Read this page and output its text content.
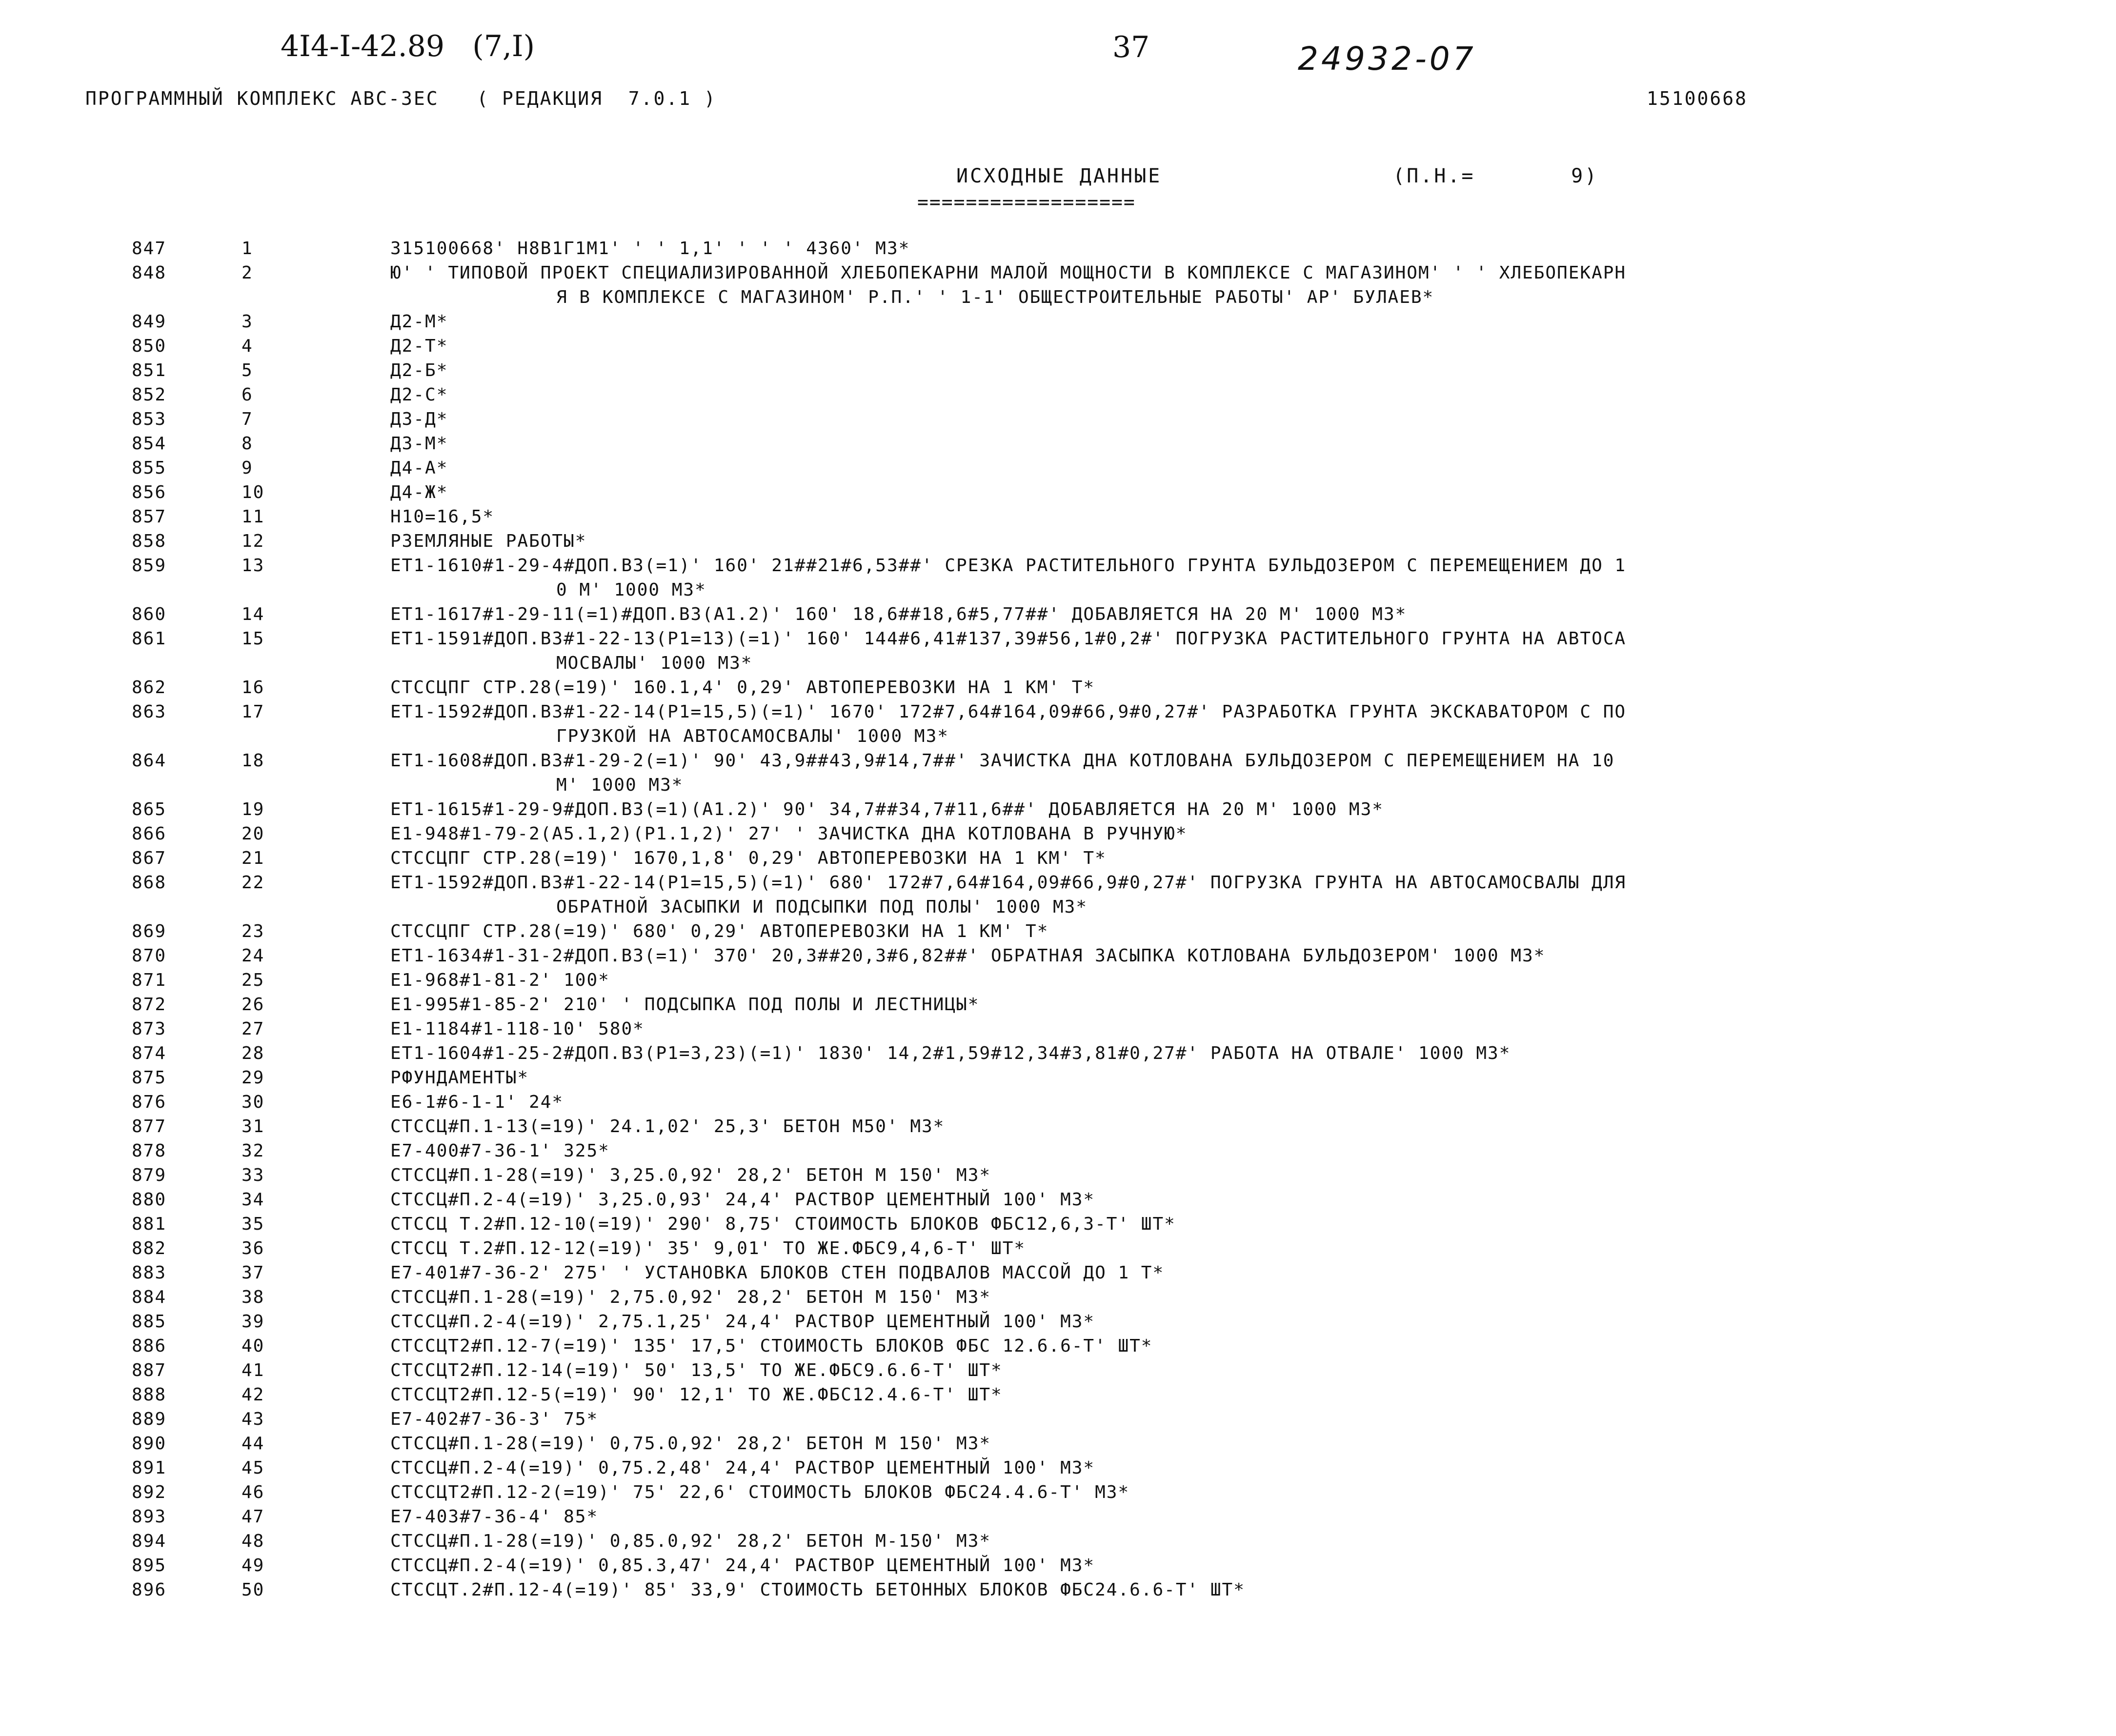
4I4-I-42.89   (7,I)	37	24932-07
ПРОГРАММНЫЙ КОМПЛЕКС АВС-3ЕС   ( РЕДАКЦИЯ  7.0.1 )	15100668
ИСХОДНЫЕ ДАННЫЕ
==================
(П.Н.=       9)
847	1	315100668' Н8В1Г1М1' ' ' 1,1' ' ' ' 4360' М3*
848	2	Ю' ' ТИПОВОЙ ПРОЕКТ СПЕЦИАЛИЗИРОВАННОЙ ХЛЕБОПЕКАРНИ МАЛОЙ МОЩНОСТИ В КОМПЛЕКСЕ С МАГАЗИНОМ' ' ' ХЛЕБОПЕКАРН
Я В КОМПЛЕКСЕ С МАГАЗИНОМ' Р.П.' ' 1-1' ОБЩЕСТРОИТЕЛЬНЫЕ РАБОТЫ' АР' БУЛАЕВ*
849	3	Д2-М*
850	4	Д2-Т*
851	5	Д2-Б*
852	6	Д2-С*
853	7	Д3-Д*
854	8	Д3-М*
855	9	Д4-А*
856	10	Д4-Ж*
857	11	Н10=16,5*
858	12	РЗЕМЛЯНЫЕ РАБОТЫ*
859	13	ЕТ1-1610#1-29-4#ДОП.В3(=1)' 160' 21##21#6,53##' СРЕЗКА РАСТИТЕЛЬНОГО ГРУНТА БУЛЬДОЗЕРОМ С ПЕРЕМЕЩЕНИЕМ ДО 1
0 М' 1000 М3*
860	14	ЕТ1-1617#1-29-11(=1)#ДОП.В3(А1.2)' 160' 18,6##18,6#5,77##' ДОБАВЛЯЕТСЯ НА 20 М' 1000 М3*
861	15	ЕТ1-1591#ДОП.В3#1-22-13(Р1=13)(=1)' 160' 144#6,41#137,39#56,1#0,2#' ПОГРУЗКА РАСТИТЕЛЬНОГО ГРУНТА НА АВТОСА
МОСВАЛЫ' 1000 М3*
862	16	СТССЦПГ СТР.28(=19)' 160.1,4' 0,29' АВТОПЕРЕВОЗКИ НА 1 КМ' Т*
863	17	ЕТ1-1592#ДОП.В3#1-22-14(Р1=15,5)(=1)' 1670' 172#7,64#164,09#66,9#0,27#' РАЗРАБОТКА ГРУНТА ЭКСКАВАТОРОМ С ПО
ГРУЗКОЙ НА АВТОСАМОСВАЛЫ' 1000 М3*
864	18	ЕТ1-1608#ДОП.В3#1-29-2(=1)' 90' 43,9##43,9#14,7##' ЗАЧИСТКА ДНА КОТЛОВАНА БУЛЬДОЗЕРОМ С ПЕРЕМЕЩЕНИЕМ НА 10
М' 1000 М3*
865	19	ЕТ1-1615#1-29-9#ДОП.В3(=1)(А1.2)' 90' 34,7##34,7#11,6##' ДОБАВЛЯЕТСЯ НА 20 М' 1000 М3*
866	20	Е1-948#1-79-2(А5.1,2)(Р1.1,2)' 27' ' ЗАЧИСТКА ДНА КОТЛОВАНА В РУЧНУЮ*
867	21	СТССЦПГ СТР.28(=19)' 1670,1,8' 0,29' АВТОПЕРЕВОЗКИ НА 1 КМ' Т*
868	22	ЕТ1-1592#ДОП.В3#1-22-14(Р1=15,5)(=1)' 680' 172#7,64#164,09#66,9#0,27#' ПОГРУЗКА ГРУНТА НА АВТОСАМОСВАЛЫ ДЛЯ
ОБРАТНОЙ ЗАСЫПКИ И ПОДСЫПКИ ПОД ПОЛЫ' 1000 М3*
869	23	СТССЦПГ СТР.28(=19)' 680' 0,29' АВТОПЕРЕВОЗКИ НА 1 КМ' Т*
870	24	ЕТ1-1634#1-31-2#ДОП.В3(=1)' 370' 20,3##20,3#6,82##' ОБРАТНАЯ ЗАСЫПКА КОТЛОВАНА БУЛЬДОЗЕРОМ' 1000 М3*
871	25	Е1-968#1-81-2' 100*
872	26	Е1-995#1-85-2' 210' ' ПОДСЫПКА ПОД ПОЛЫ И ЛЕСТНИЦЫ*
873	27	Е1-1184#1-118-10' 580*
874	28	ЕТ1-1604#1-25-2#ДОП.В3(Р1=3,23)(=1)' 1830' 14,2#1,59#12,34#3,81#0,27#' РАБОТА НА ОТВАЛЕ' 1000 М3*
875	29	РФУНДАМЕНТЫ*
876	30	Е6-1#6-1-1' 24*
877	31	СТССЦ#П.1-13(=19)' 24.1,02' 25,3' БЕТОН М50' М3*
878	32	Е7-400#7-36-1' 325*
879	33	СТССЦ#П.1-28(=19)' 3,25.0,92' 28,2' БЕТОН М 150' М3*
880	34	СТССЦ#П.2-4(=19)' 3,25.0,93' 24,4' РАСТВОР ЦЕМЕНТНЫЙ 100' М3*
881	35	СТССЦ Т.2#П.12-10(=19)' 290' 8,75' СТОИМОСТЬ БЛОКОВ ФБС12,6,3-Т' ШТ*
882	36	СТССЦ Т.2#П.12-12(=19)' 35' 9,01' ТО ЖЕ.ФБС9,4,6-Т' ШТ*
883	37	Е7-401#7-36-2' 275' ' УСТАНОВКА БЛОКОВ СТЕН ПОДВАЛОВ МАССОЙ ДО 1 Т*
884	38	СТССЦ#П.1-28(=19)' 2,75.0,92' 28,2' БЕТОН М 150' М3*
885	39	СТССЦ#П.2-4(=19)' 2,75.1,25' 24,4' РАСТВОР ЦЕМЕНТНЫЙ 100' М3*
886	40	СТССЦТ2#П.12-7(=19)' 135' 17,5' СТОИМОСТЬ БЛОКОВ ФБС 12.6.6-Т' ШТ*
887	41	СТССЦТ2#П.12-14(=19)' 50' 13,5' ТО ЖЕ.ФБС9.6.6-Т' ШТ*
888	42	СТССЦТ2#П.12-5(=19)' 90' 12,1' ТО ЖЕ.ФБС12.4.6-Т' ШТ*
889	43	Е7-402#7-36-3' 75*
890	44	СТССЦ#П.1-28(=19)' 0,75.0,92' 28,2' БЕТОН М 150' М3*
891	45	СТССЦ#П.2-4(=19)' 0,75.2,48' 24,4' РАСТВОР ЦЕМЕНТНЫЙ 100' М3*
892	46	СТССЦТ2#П.12-2(=19)' 75' 22,6' СТОИМОСТЬ БЛОКОВ ФБС24.4.6-Т' М3*
893	47	Е7-403#7-36-4' 85*
894	48	СТССЦ#П.1-28(=19)' 0,85.0,92' 28,2' БЕТОН М-150' М3*
895	49	СТССЦ#П.2-4(=19)' 0,85.3,47' 24,4' РАСТВОР ЦЕМЕНТНЫЙ 100' М3*
896	50	СТССЦТ.2#П.12-4(=19)' 85' 33,9' СТОИМОСТЬ БЕТОННЫХ БЛОКОВ ФБС24.6.6-Т' ШТ*
